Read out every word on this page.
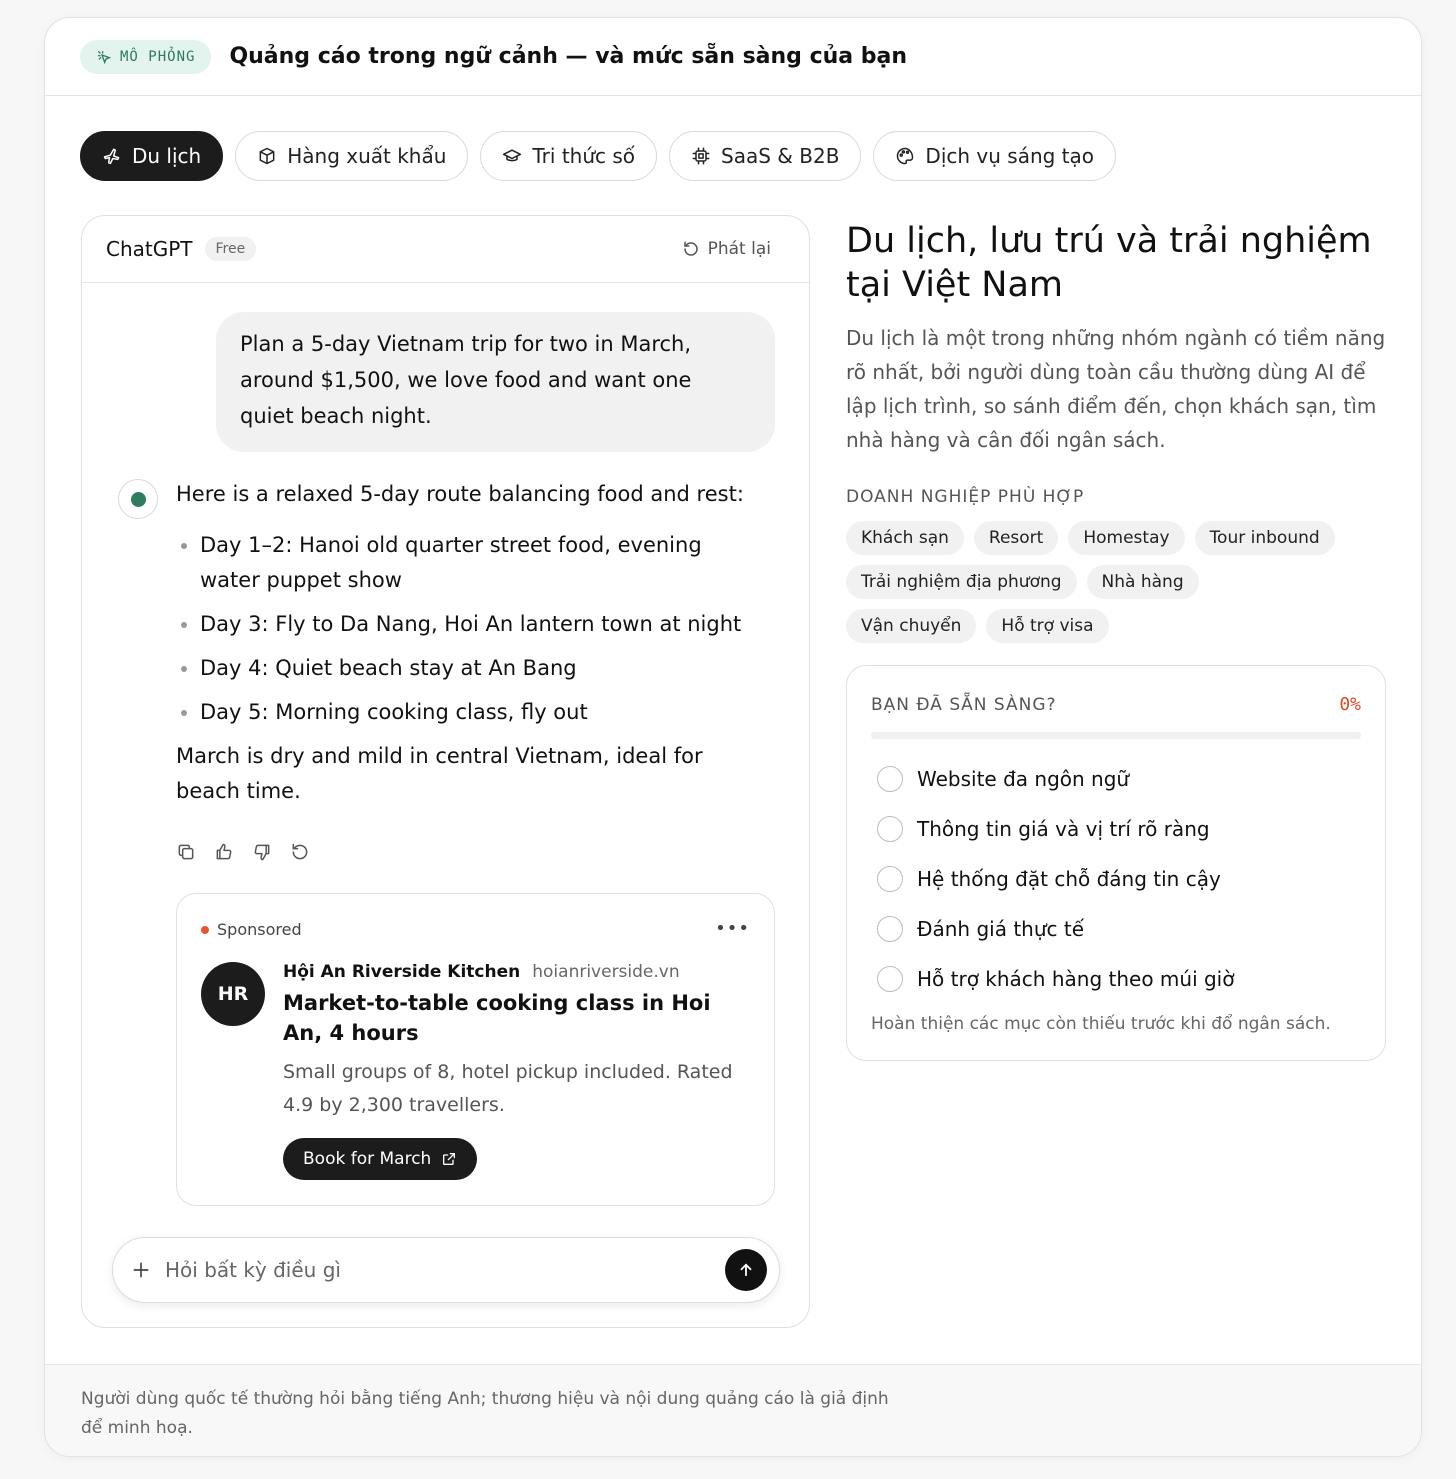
MÔ PHỎNG Quảng cáo trong ngữ cảnh — và mức sẵn sàng của bạn
Du lịch	Hàng xuất khẩu	Tri thức số	SaaS & B2B	Dịch vụ sáng tạo
ChatGPT	Free	Phát lại
Plan a 5-day Vietnam trip for two in March, around $1,500, we love food and want one quiet beach night.

Here is a relaxed 5-day route balancing food and rest:

Day 1–2: Hanoi old quarter street food, evening water puppet show
Day 3: Fly to Da Nang, Hoi An lantern town at night
Day 4: Quiet beach stay at An Bang
Day 5: Morning cooking class, fly out

March is dry and mild in central Vietnam, ideal for beach time.

Sponsored	•••
HR
Hội An Riverside Kitchen hoianriverside.vn
Market-to-table cooking class in Hoi An, 4 hours
Small groups of 8, hotel pickup included. Rated 4.9 by 2,300 travellers.
Book for March
Hỏi bất kỳ điều gì
Du lịch, lưu trú và trải nghiệm tại Việt Nam

Du lịch là một trong những nhóm ngành có tiềm năng rõ nhất, bởi người dùng toàn cầu thường dùng AI để lập lịch trình, so sánh điểm đến, chọn khách sạn, tìm nhà hàng và cân đối ngân sách.

DOANH NGHIỆP PHÙ HỢP
Khách sạn	Resort	Homestay	Tour inbound
Trải nghiệm địa phương	Nhà hàng
Vận chuyển	Hỗ trợ visa
BẠN ĐÃ SẴN SÀNG?	0%
Website đa ngôn ngữ
Thông tin giá và vị trí rõ ràng
Hệ thống đặt chỗ đáng tin cậy
Đánh giá thực tế
Hỗ trợ khách hàng theo múi giờ
Hoàn thiện các mục còn thiếu trước khi đổ ngân sách.

Người dùng quốc tế thường hỏi bằng tiếng Anh; thương hiệu và nội dung quảng cáo là giả định để minh hoạ.
